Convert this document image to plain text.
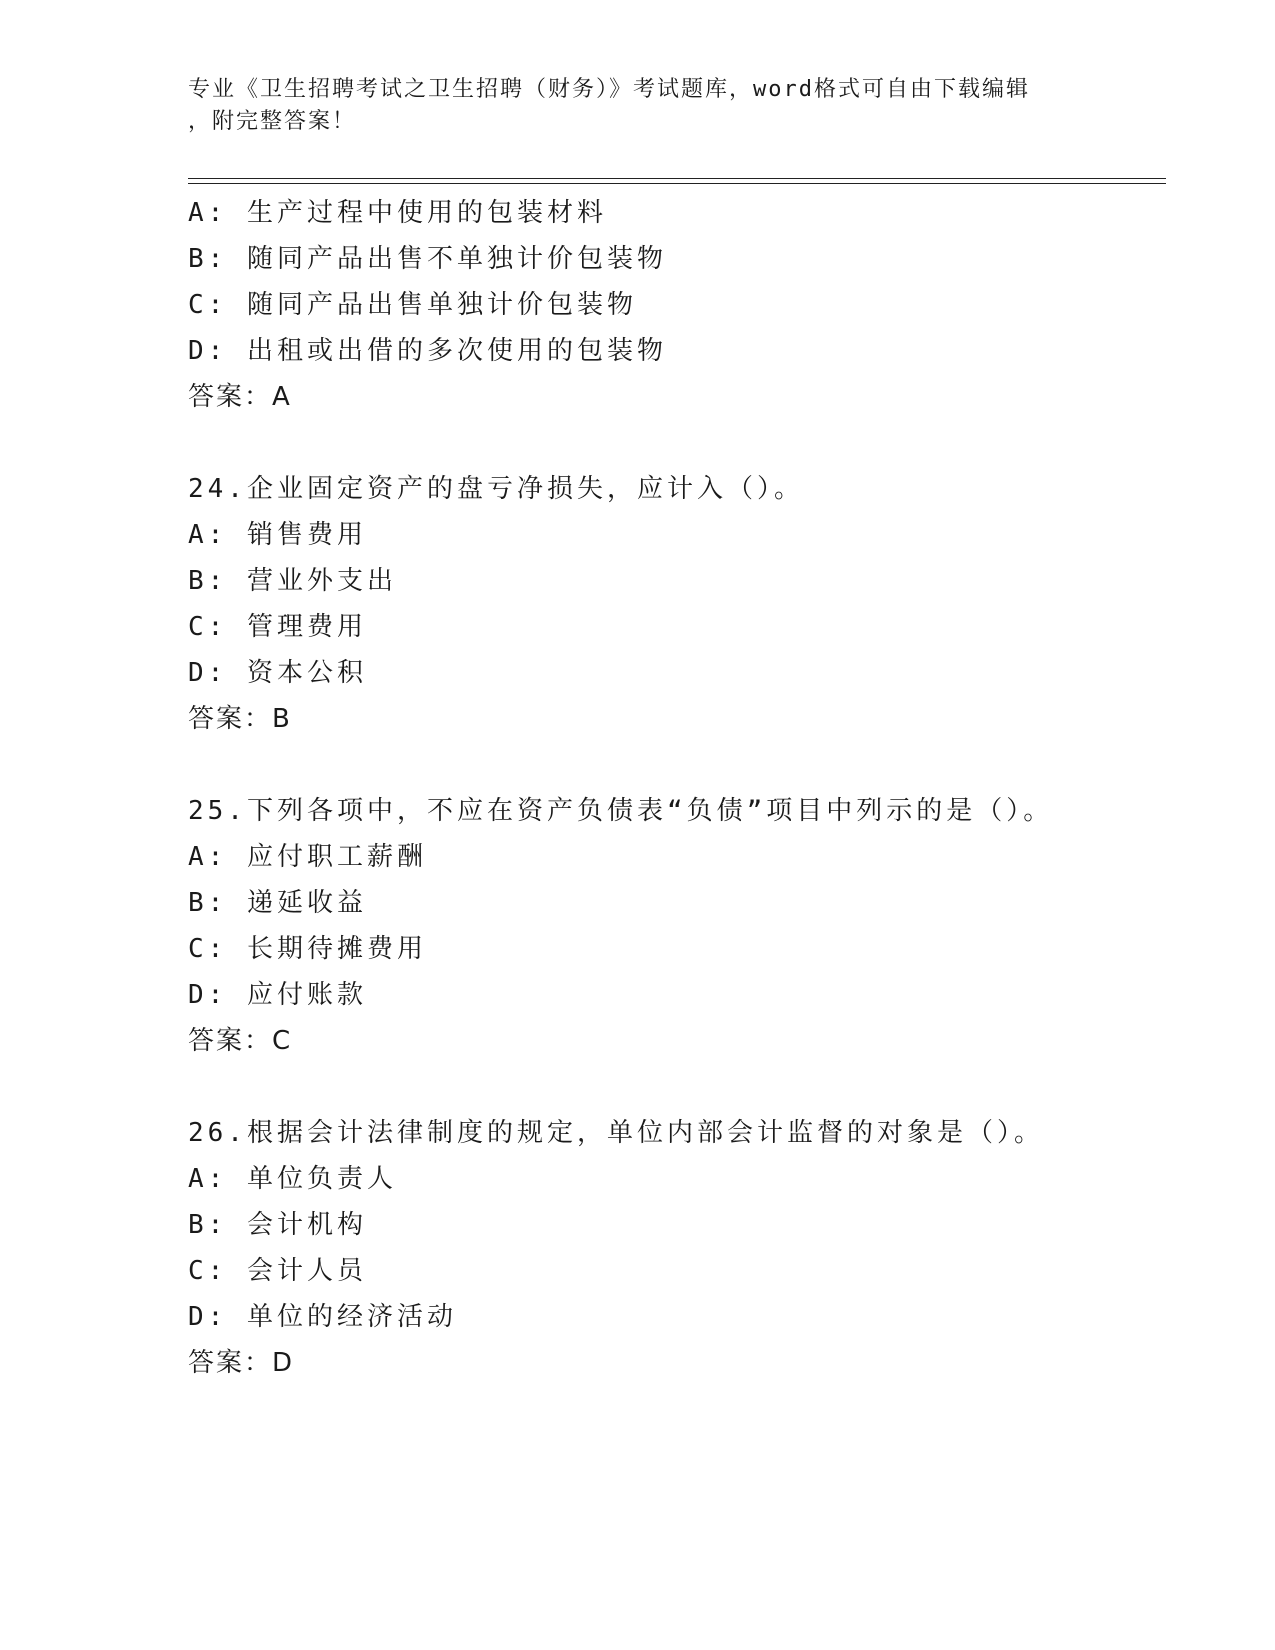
专业《卫生招聘考试之卫生招聘（财务）》考试题库，word格式可自由下载编辑
，附完整答案！
A: 生产过程中使用的包装材料
B: 随同产品出售不单独计价包装物
C: 随同产品出售单独计价包装物
D: 出租或出借的多次使用的包装物
答案：A
24.企业固定资产的盘亏净损失，应计入（）。
A: 销售费用
B: 营业外支出
C: 管理费用
D: 资本公积
答案：B
25.下列各项中，不应在资产负债表“负债”项目中列示的是（）。
A: 应付职工薪酬
B: 递延收益
C: 长期待摊费用
D: 应付账款
答案：C
26.根据会计法律制度的规定，单位内部会计监督的对象是（）。
A: 单位负责人
B: 会计机构
C: 会计人员
D: 单位的经济活动
答案：D
